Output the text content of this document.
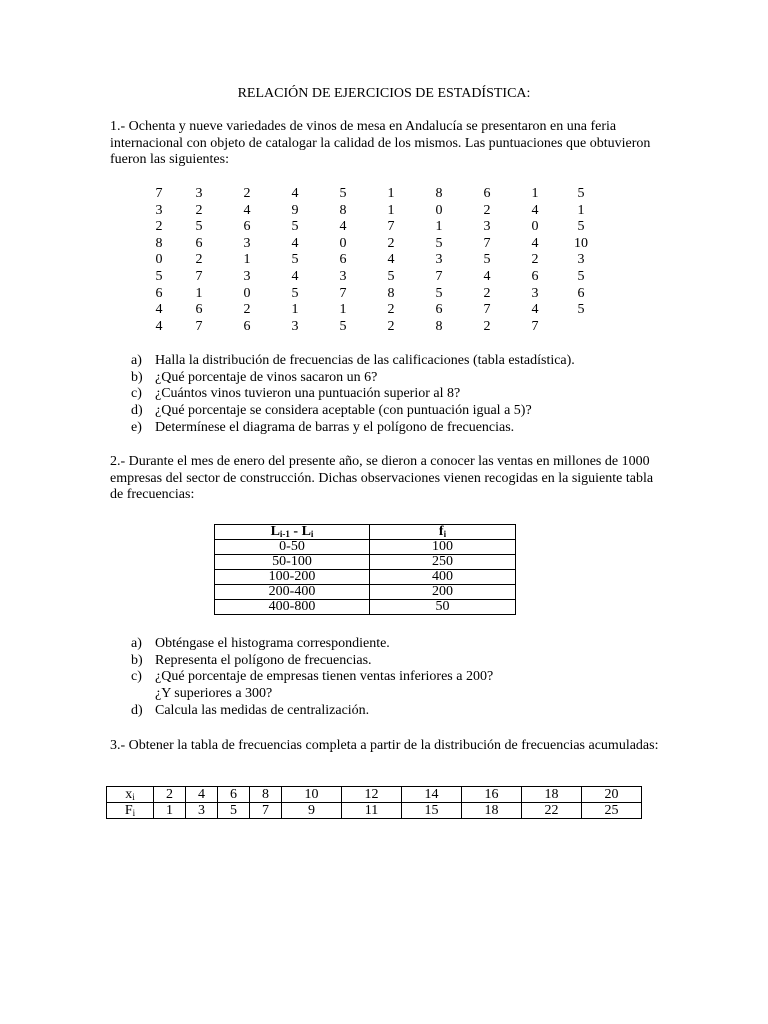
RELACIÓN DE EJERCICIOS DE ESTADÍSTICA:
1.- Ochenta y nueve variedades de vinos de mesa en Andalucía se presentaron en una feria internacional con objeto de catalogar la calidad de los mismos. Las puntuaciones que obtuvieron fueron las siguientes:
7	3	2	4	5	1	8	6	1	5
3	2	4	9	8	1	0	2	4	1
2	5	6	5	4	7	1	3	0	5
8	6	3	4	0	2	5	7	4	10
0	2	1	5	6	4	3	5	2	3
5	7	3	4	3	5	7	4	6	5
6	1	0	5	7	8	5	2	3	6
4	6	2	1	1	2	6	7	4	5
4	7	6	3	5	2	8	2	7
a) Halla la distribución de frecuencias de las calificaciones (tabla estadística).
b) ¿Qué porcentaje de vinos sacaron un 6?
c) ¿Cuántos vinos tuvieron una puntuación superior al 8?
d) ¿Qué porcentaje se considera aceptable (con puntuación igual a 5)?
e) Determínese el diagrama de barras y el polígono de frecuencias.
2.- Durante el mes de enero del presente año, se dieron a conocer las ventas en millones de 1000 empresas del sector de construcción. Dichas observaciones vienen recogidas en la siguiente tabla de frecuencias:
$L_{i-1} - L_i$	$f_i$
0-50	100
50-100	250
100-200	400
200-400	200
400-800	50
a) Obténgase el histograma correspondiente.
b) Representa el polígono de frecuencias.
c) ¿Qué porcentaje de empresas tienen ventas inferiores a 200?
¿Y superiores a 300?
d) Calcula las medidas de centralización.
3.- Obtener la tabla de frecuencias completa a partir de la distribución de frecuencias acumuladas:
$x_i$	2	4	6	8	10	12	14	16	18	20
$F_i$	1	3	5	7	9	11	15	18	22	25
